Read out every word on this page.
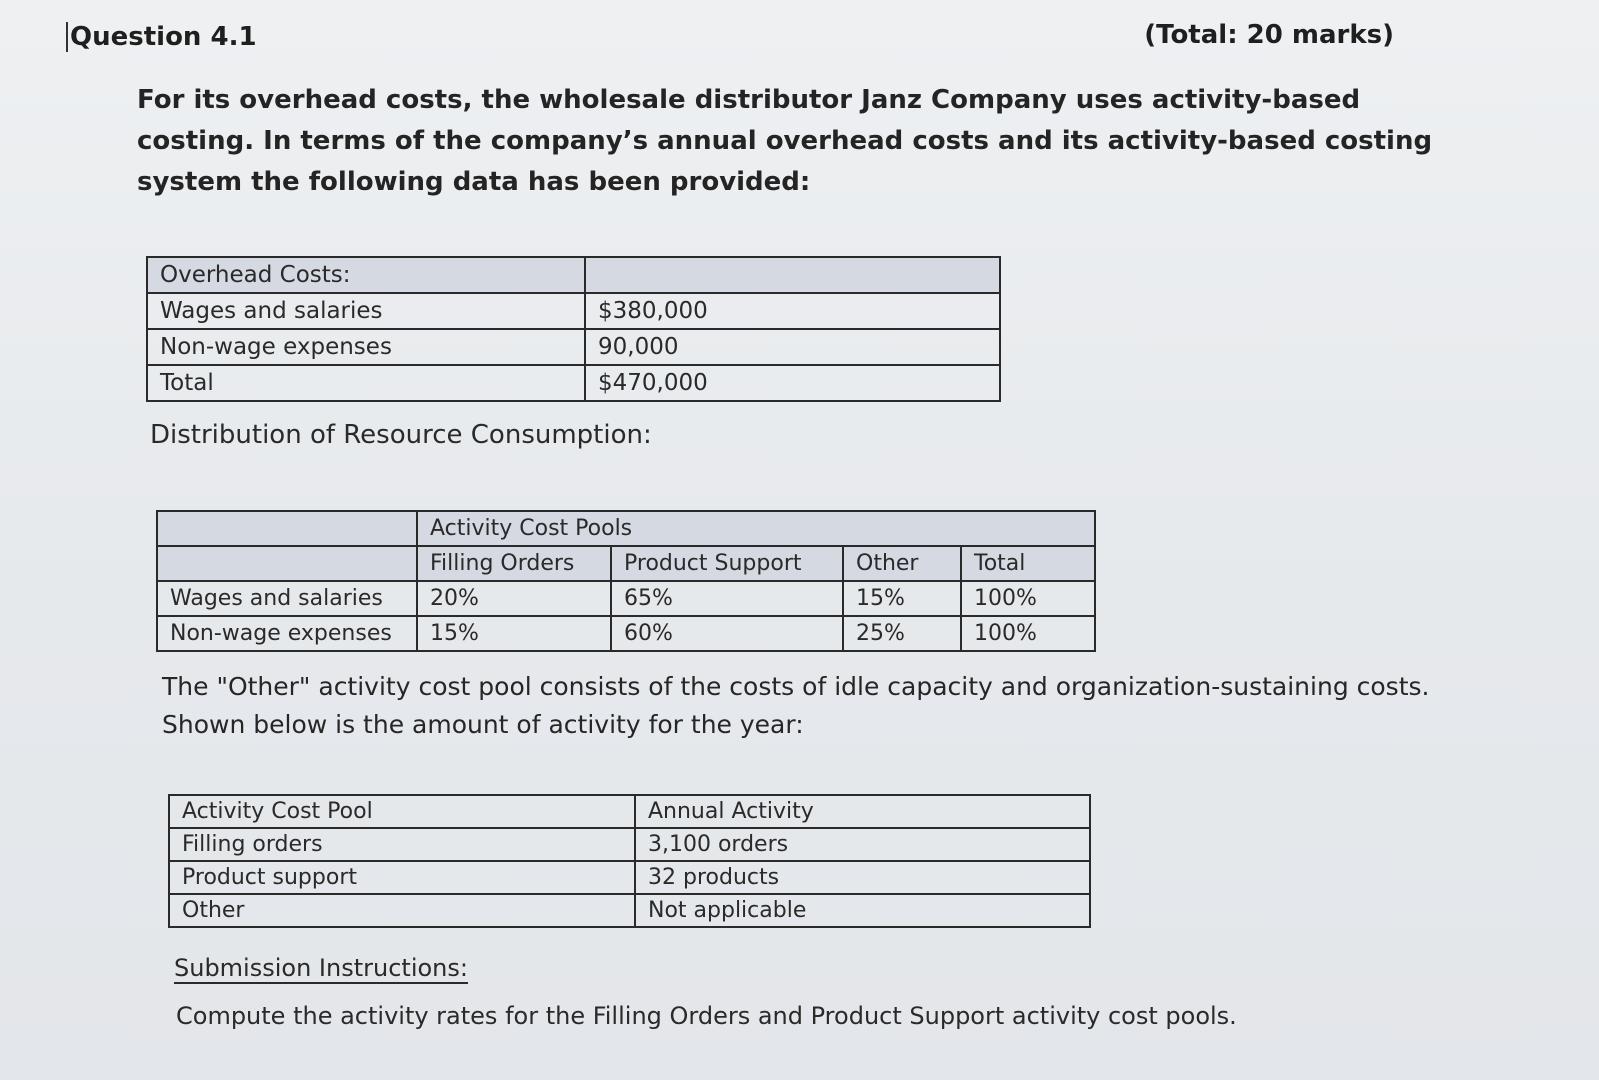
Question 4.1	(Total: 20 marks)

For its overhead costs, the wholesale distributor Janz Company uses activity-based costing. In terms of the company’s annual overhead costs and its activity-based costing system the following data has been provided:

Overhead Costs:	
Wages and salaries	$380,000
Non-wage expenses	90,000
Total	$470,000
Distribution of Resource Consumption:
	Activity Cost Pools			
	Filling Orders	Product Support	Other	Total
Wages and salaries	20%	65%	15%	100%
Non-wage expenses	15%	60%	25%	100%

The "Other" activity cost pool consists of the costs of idle capacity and organization-sustaining costs. Shown below is the amount of activity for the year:

Activity Cost Pool	Annual Activity
Filling orders	3,100 orders
Product support	32 products
Other	Not applicable
Submission Instructions:
Compute the activity rates for the Filling Orders and Product Support activity cost pools.
